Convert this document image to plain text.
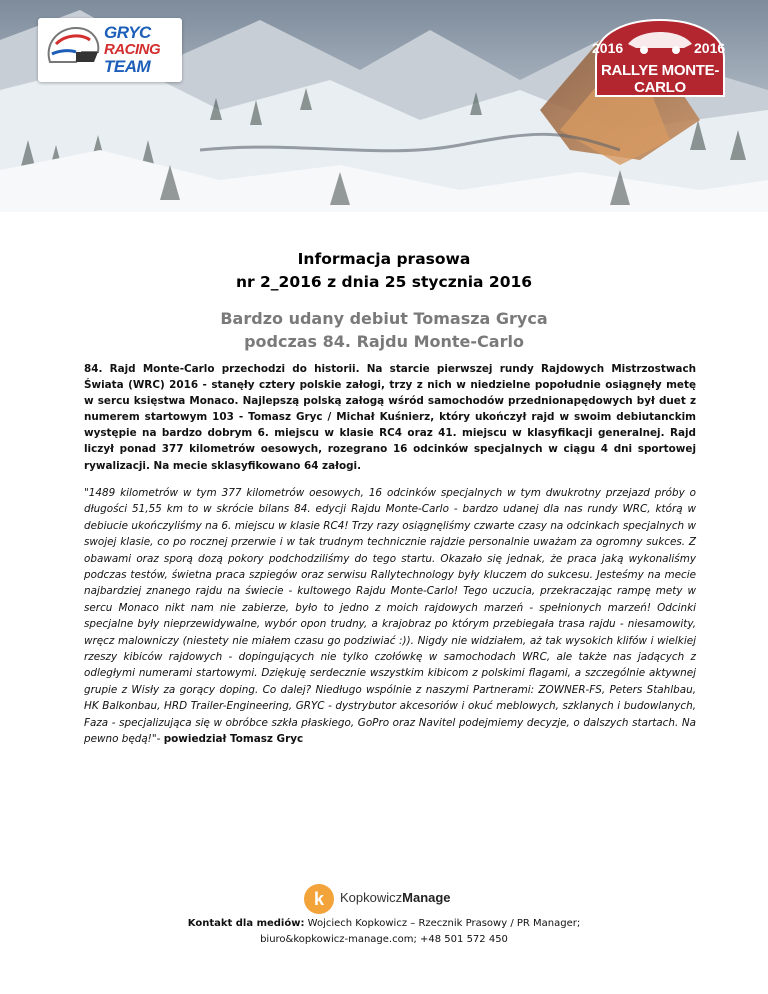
GRYC
RACING
TEAM
2016	2016
RALLYE MONTE-CARLO
Informacja prasowa
nr 2_2016 z dnia 25 stycznia 2016
Bardzo udany debiut Tomasza Gryca
podczas 84. Rajdu Monte-Carlo
84. Rajd Monte-Carlo przechodzi do historii. Na starcie pierwszej rundy Rajdowych Mistrzostwach Świata (WRC) 2016 - stanęły cztery polskie załogi, trzy z nich w niedzielne popołudnie osiągnęły metę w sercu księstwa Monaco. Najlepszą polską załogą wśród samochodów przednionapędowych był duet z numerem startowym 103 - Tomasz Gryc / Michał Kuśnierz, który ukończył rajd w swoim debiutanckim występie na bardzo dobrym 6. miejscu w klasie RC4 oraz 41. miejscu w klasyfikacji generalnej. Rajd liczył ponad 377 kilometrów oesowych, rozegrano 16 odcinków specjalnych w ciągu 4 dni sportowej rywalizacji. Na mecie sklasyfikowano 64 załogi.
"1489 kilometrów w tym 377 kilometrów oesowych, 16 odcinków specjalnych w tym dwukrotny przejazd próby o długości 51,55 km to w skrócie bilans 84. edycji Rajdu Monte-Carlo - bardzo udanej dla nas rundy WRC, którą w debiucie ukończyliśmy na 6. miejscu w klasie RC4! Trzy razy osiągnęliśmy czwarte czasy na odcinkach specjalnych w swojej klasie, co po rocznej przerwie i w tak trudnym technicznie rajdzie personalnie uważam za ogromny sukces. Z obawami oraz sporą dozą pokory podchodziliśmy do tego startu. Okazało się jednak, że praca jaką wykonaliśmy podczas testów, świetna praca szpiegów oraz serwisu Rallytechnology były kluczem do sukcesu. Jesteśmy na mecie najbardziej znanego rajdu na świecie - kultowego Rajdu Monte-Carlo! Tego uczucia, przekraczając rampę mety w sercu Monaco nikt nam nie zabierze, było to jedno z moich rajdowych marzeń - spełnionych marzeń! Odcinki specjalne były nieprzewidywalne, wybór opon trudny, a krajobraz po którym przebiegała trasa rajdu - niesamowity, wręcz malowniczy (niestety nie miałem czasu go podziwiać :)). Nigdy nie widziałem, aż tak wysokich klifów i wielkiej rzeszy kibiców rajdowych - dopingujących nie tylko czołówkę w samochodach WRC, ale także nas jadących z odległymi numerami startowymi. Dziękuję serdecznie wszystkim kibicom z polskimi flagami, a szczególnie aktywnej grupie z Wisły za gorący doping. Co dalej? Niedługo wspólnie z naszymi Partnerami: ZOWNER-FS, Peters Stahlbau, HK Balkonbau, HRD Trailer-Engineering, GRYC - dystrybutor akcesoriów i okuć meblowych, szklanych i budowlanych, Faza - specjalizująca się w obróbce szkła płaskiego, GoPro oraz Navitel podejmiemy decyzje, o dalszych startach. Na pewno będą!"- powiedział Tomasz Gryc
k	KopkowiczManage
Kontakt dla mediów: Wojciech Kopkowicz – Rzecznik Prasowy / PR Manager;
biuro&kopkowicz-manage.com; +48 501 572 450
